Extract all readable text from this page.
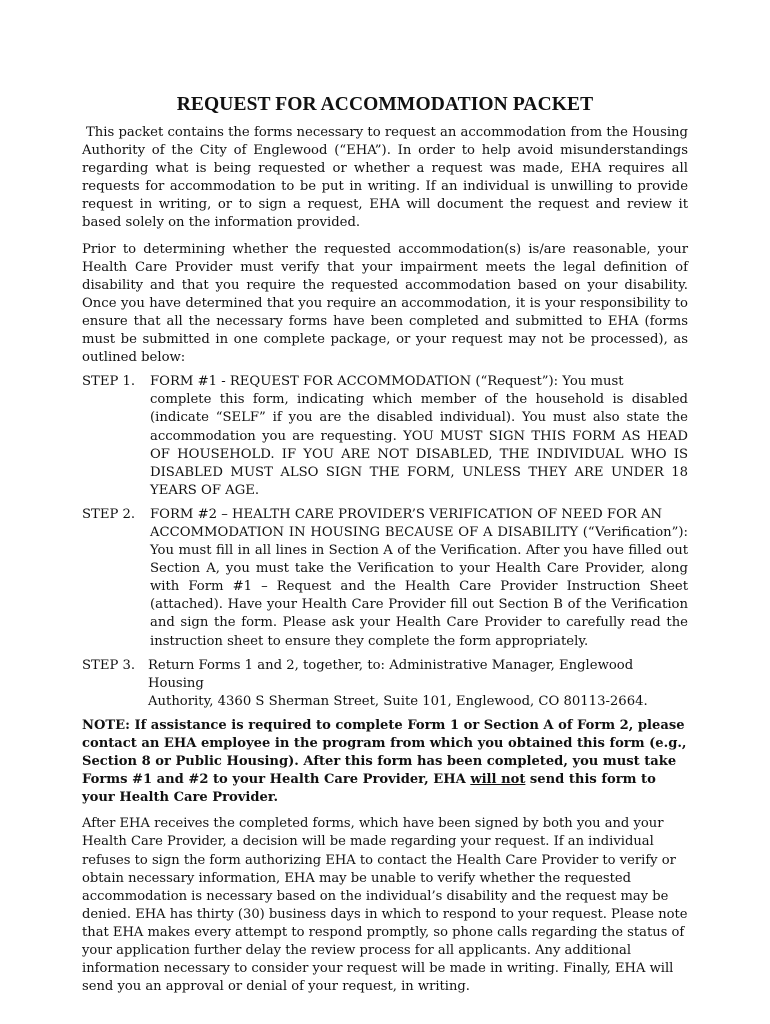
REQUEST FOR ACCOMMODATION PACKET

This packet contains the forms necessary to request an accommodation from the Housing Authority of the City of Englewood (“EHA”). In order to help avoid misunderstandings regarding what is being requested or whether a request was made, EHA requires all requests for accommodation to be put in writing. If an individual is unwilling to provide request in writing, or to sign a request, EHA will document the request and review it based solely on the information provided.

Prior to determining whether the requested accommodation(s) is/are reasonable, your Health Care Provider must verify that your impairment meets the legal definition of disability and that you require the requested accommodation based on your disability. Once you have determined that you require an accommodation, it is your responsibility to ensure that all the necessary forms have been completed and submitted to EHA (forms must be submitted in one complete package, or your request may not be processed), as outlined below:

STEP 1.	FORM #1 - REQUEST FOR ACCOMMODATION (“Request”): You must
complete this form, indicating which member of the household is disabled (indicate “SELF” if you are the disabled individual). You must also state the accommodation you are requesting. YOU MUST SIGN THIS FORM AS HEAD OF HOUSEHOLD. IF YOU ARE NOT DISABLED, THE INDIVIDUAL WHO IS DISABLED MUST ALSO SIGN THE FORM, UNLESS THEY ARE UNDER 18 YEARS OF AGE.
STEP 2.	FORM #2 – HEALTH CARE PROVIDER’S VERIFICATION OF NEED FOR AN
ACCOMMODATION IN HOUSING BECAUSE OF A DISABILITY (“Verification”): You must fill in all lines in Section A of the Verification. After you have filled out Section A, you must take the Verification to your Health Care Provider, along with Form #1 – Request and the Health Care Provider Instruction Sheet (attached). Have your Health Care Provider fill out Section B of the Verification and sign the form. Please ask your Health Care Provider to carefully read the instruction sheet to ensure they complete the form appropriately.
STEP 3. Return Forms 1 and 2, together, to: Administrative Manager, Englewood Housing
Authority, 4360 S Sherman Street, Suite 101, Englewood, CO 80113-2664.

NOTE: If assistance is required to complete Form 1 or Section A of Form 2, please contact an EHA employee in the program from which you obtained this form (e.g., Section 8 or Public Housing). After this form has been completed, you must take Forms #1 and #2 to your Health Care Provider, EHA will not send this form to your Health Care Provider.

After EHA receives the completed forms, which have been signed by both you and your Health Care Provider, a decision will be made regarding your request. If an individual refuses to sign the form authorizing EHA to contact the Health Care Provider to verify or obtain necessary information, EHA may be unable to verify whether the requested accommodation is necessary based on the individual’s disability and the request may be denied. EHA has thirty (30) business days in which to respond to your request. Please note that EHA makes every attempt to respond promptly, so phone calls regarding the status of your application further delay the review process for all applicants. Any additional information necessary to consider your request will be made in writing. Finally, EHA will send you an approval or denial of your request, in writing.
